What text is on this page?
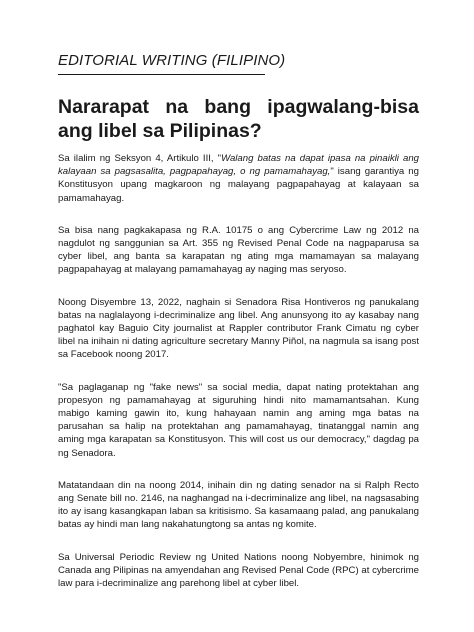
EDITORIAL WRITING (FILIPINO)
Nararapat na bang ipagwalang-bisa ang libel sa Pilipinas?

Sa ilalim ng Seksyon 4, Artikulo III, "Walang batas na dapat ipasa na pinaikli ang kalayaan sa pagsasalita, pagpapahayag, o ng pamamahayag," isang garantiya ng Konstitusyon upang magkaroon ng malayang pagpapahayag at kalayaan sa pamamahayag.

Sa bisa nang pagkakapasa ng R.A. 10175 o ang Cybercrime Law ng 2012 na nagdulot ng sanggunian sa Art. 355 ng Revised Penal Code na nagpaparusa sa cyber libel, ang banta sa karapatan ng ating mga mamamayan sa malayang pagpapahayag at malayang pamamahayag ay naging mas seryoso.

Noong Disyembre 13, 2022, naghain si Senadora Risa Hontiveros ng panukalang batas na naglalayong i-decriminalize ang libel. Ang anunsyong ito ay kasabay nang paghatol kay Baguio City journalist at Rappler contributor Frank Cimatu ng cyber libel na inihain ni dating agriculture secretary Manny Piñol, na nagmula sa isang post sa Facebook noong 2017.

"Sa paglaganap ng "fake news" sa social media, dapat nating protektahan ang propesyon ng pamamahayag at siguruhing hindi nito mamamantsahan. Kung mabigo kaming gawin ito, kung hahayaan namin ang aming mga batas na parusahan sa halip na protektahan ang pamamahayag, tinatanggal namin ang aming mga karapatan sa Konstitusyon. This will cost us our democracy," dagdag pa ng Senadora.

Matatandaan din na noong 2014, inihain din ng dating senador na si Ralph Recto ang Senate bill no. 2146, na naghangad na i-decriminalize ang libel, na nagsasabing ito ay isang kasangkapan laban sa kritisismo. Sa kasamaang palad, ang panukalang batas ay hindi man lang nakahatungtong sa antas ng komite.

Sa Universal Periodic Review ng United Nations noong Nobyembre, hinimok ng Canada ang Pilipinas na amyendahan ang Revised Penal Code (RPC) at cybercrime law para i-decriminalize ang parehong libel at cyber libel.
